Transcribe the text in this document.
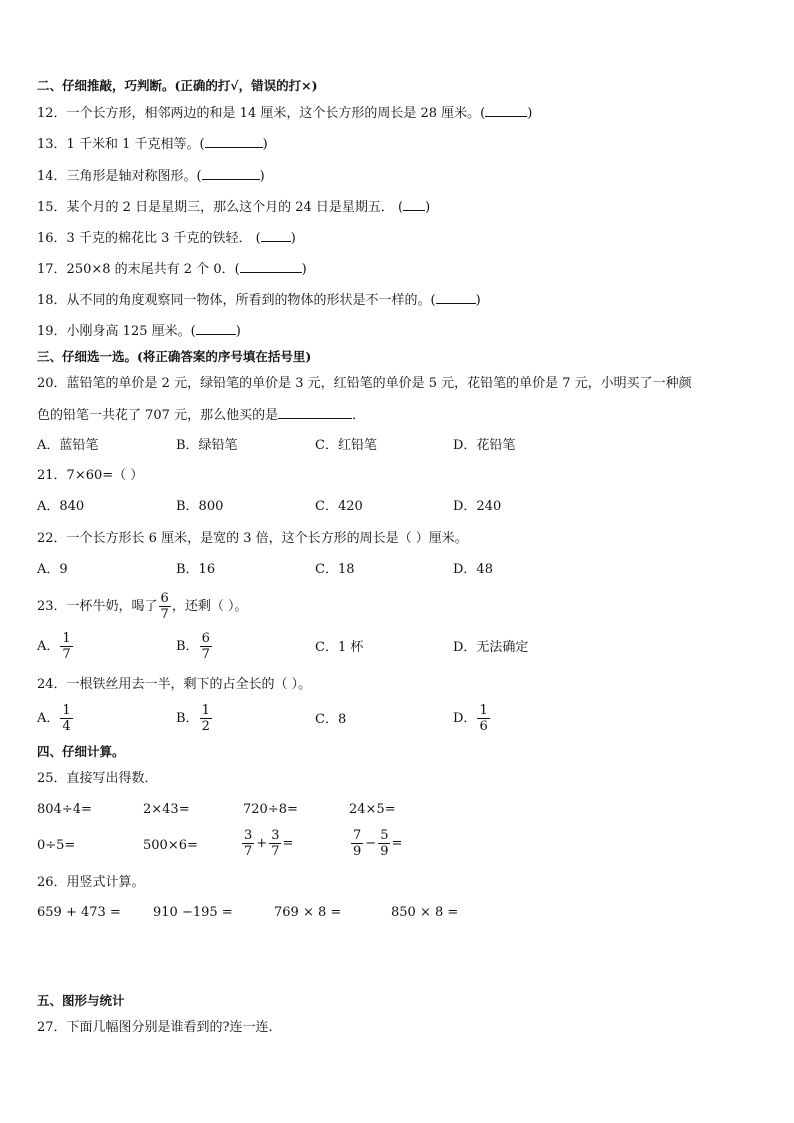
二、仔细推敲，巧判断。(正确的打√，错误的打×)
12．一个长方形，相邻两边的和是 14 厘米，这个长方形的周长是 28 厘米。(	)
13．1 千米和 1 千克相等。(	)
14．三角形是轴对称图形。(	)
15．某个月的 2 日是星期三，那么这个月的 24 日是星期五． ( )
16．3 千克的棉花比 3 千克的铁轻． ( )
17．250×8 的末尾共有 2 个 0．(	)
18．从不同的角度观察同一物体，所看到的物体的形状是不一样的。(	)
19．小刚身高 125 厘米。(	)
三、仔细选一选。(将正确答案的序号填在括号里)
20．蓝铅笔的单价是 2 元，绿铅笔的单价是 3 元，红铅笔的单价是 5 元，花铅笔的单价是 7 元，小明买了一种颜
色的铅笔一共花了 707 元，那么他买的是	．
A．蓝铅笔	B．绿铅笔	C．红铅笔	D．花铅笔
21．7×60=（ ）
A．840	B．800	C．420	D．240
22．一个长方形长 6 厘米，是宽的 3 倍，这个长方形的周长是（ ）厘米。
A．9	B．16	C．18	D．48
23．一杯牛奶，喝了 $\frac{6}{7}$ ，还剩（ ）。
A． $\frac{1}{7}$	B． $\frac{6}{7}$	C．1 杯	D．无法确定
24．一根铁丝用去一半，剩下的占全长的（ ）。
A． $\frac{1}{4}$	B． $\frac{1}{2}$	C．8	D． $\frac{1}{6}$
四、仔细计算。
25．直接写出得数．
804÷4=	2×43=	720÷8=	24×5=
0÷5=	500×6=	$\frac{3}{7} + \frac{3}{7}$ =	$\frac{7}{9} - \frac{5}{9}$ =
26．用竖式计算。
659 + 473 = 910 −195 =	769 × 8 =	850 × 8 =
五、图形与统计
27．下面几幅图分别是谁看到的?连一连.
